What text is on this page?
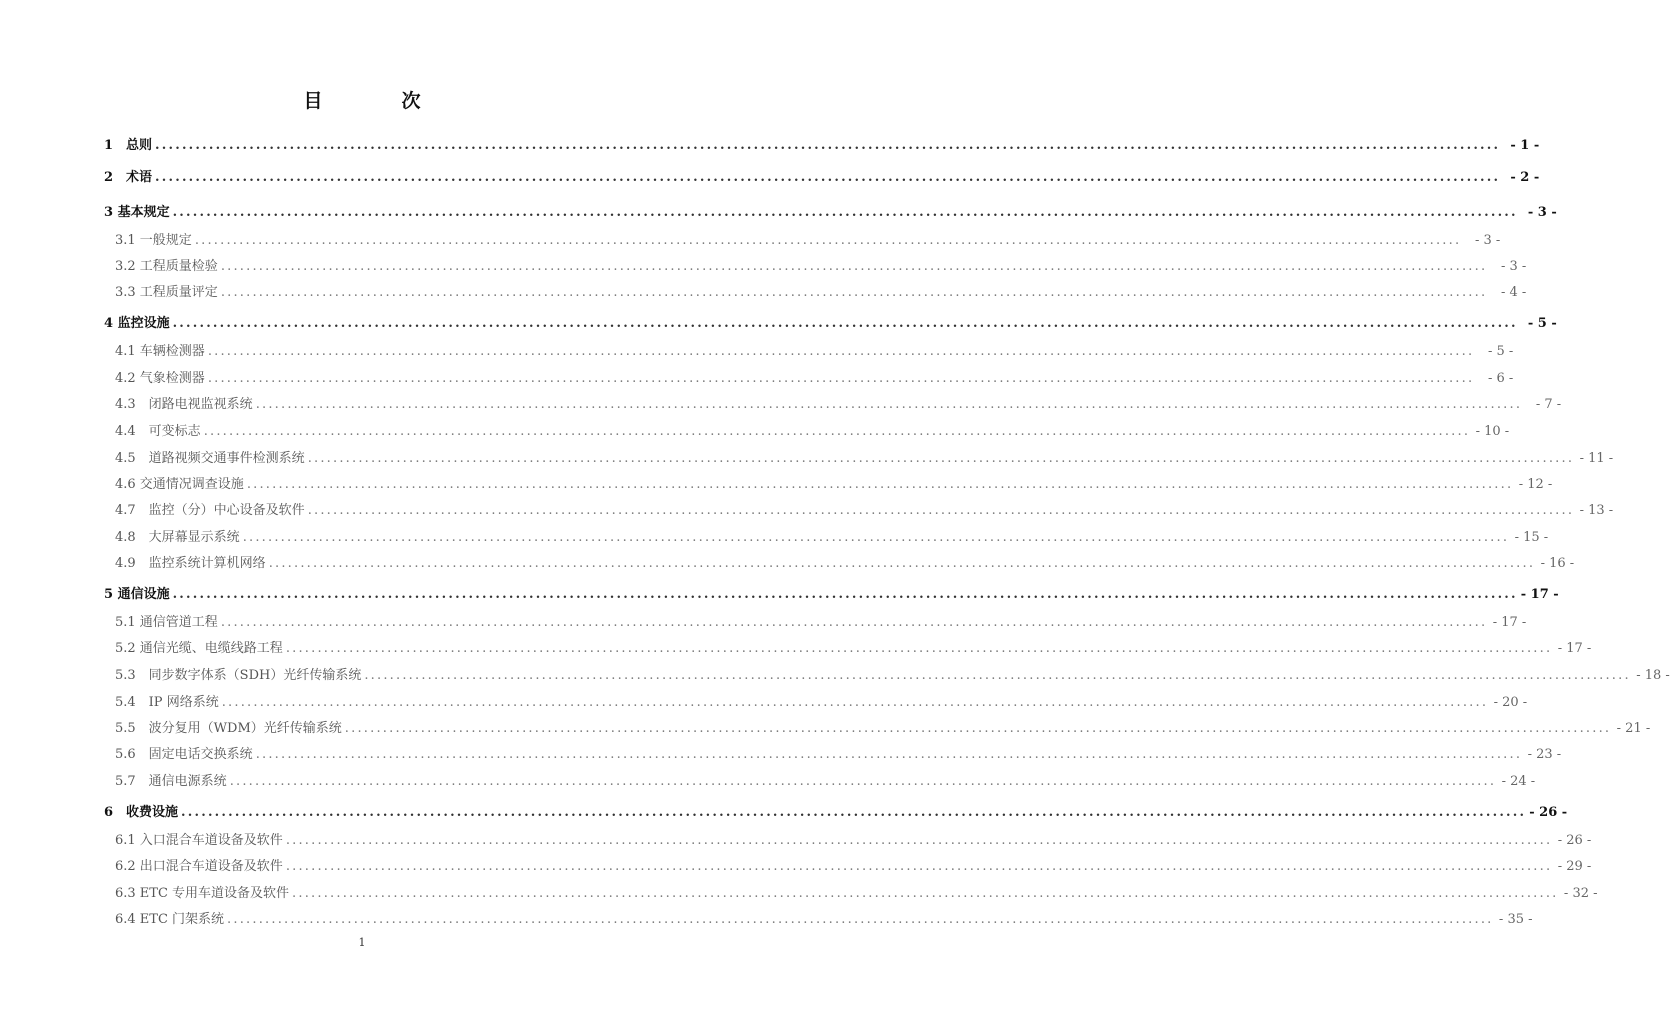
目　次
1　总则 ........................................................................................................................................................................................................ - 1 -
2　术语 ........................................................................................................................................................................................................ - 2 -
3 基本规定 ........................................................................................................................................................................................................ - 3 -
3.1 一般规定 ........................................................................................................................................................................................................	- 3 -
3.2 工程质量检验 ........................................................................................................................................................................................................	- 3 -
3.3 工程质量评定 ........................................................................................................................................................................................................	- 4 -
4 监控设施 ........................................................................................................................................................................................................ - 5 -
4.1 车辆检测器 ........................................................................................................................................................................................................	- 5 -
4.2 气象检测器 ........................................................................................................................................................................................................	- 6 -
4.3　闭路电视监视系统 ........................................................................................................................................................................................................	- 7 -
4.4　可变标志 ........................................................................................................................................................................................................ - 10 -
4.5　道路视频交通事件检测系统 ........................................................................................................................................................................................................ - 11 -
4.6 交通情况调查设施 ........................................................................................................................................................................................................ - 12 -
4.7　监控（分）中心设备及软件 ........................................................................................................................................................................................................ - 13 -
4.8　大屏幕显示系统 ........................................................................................................................................................................................................ - 15 -
4.9　监控系统计算机网络 ........................................................................................................................................................................................................ - 16 -
5 通信设施 ........................................................................................................................................................................................................ - 17 -
5.1 通信管道工程 ........................................................................................................................................................................................................ - 17 -
5.2 通信光缆、电缆线路工程 ........................................................................................................................................................................................................ - 17 -
5.3　同步数字体系（SDH）光纤传输系统 ........................................................................................................................................................................................................ - 18 -
5.4　IP 网络系统 ........................................................................................................................................................................................................ - 20 -
5.5　波分复用（WDM）光纤传输系统 ........................................................................................................................................................................................................ - 21 -
5.6　固定电话交换系统 ........................................................................................................................................................................................................ - 23 -
5.7　通信电源系统 ........................................................................................................................................................................................................ - 24 -
6　收费设施 ........................................................................................................................................................................................................ - 26 -
6.1 入口混合车道设备及软件 ........................................................................................................................................................................................................ - 26 -
6.2 出口混合车道设备及软件 ........................................................................................................................................................................................................ - 29 -
6.3 ETC 专用车道设备及软件 ........................................................................................................................................................................................................ - 32 -
6.4 ETC 门架系统 ........................................................................................................................................................................................................ - 35 -
1
